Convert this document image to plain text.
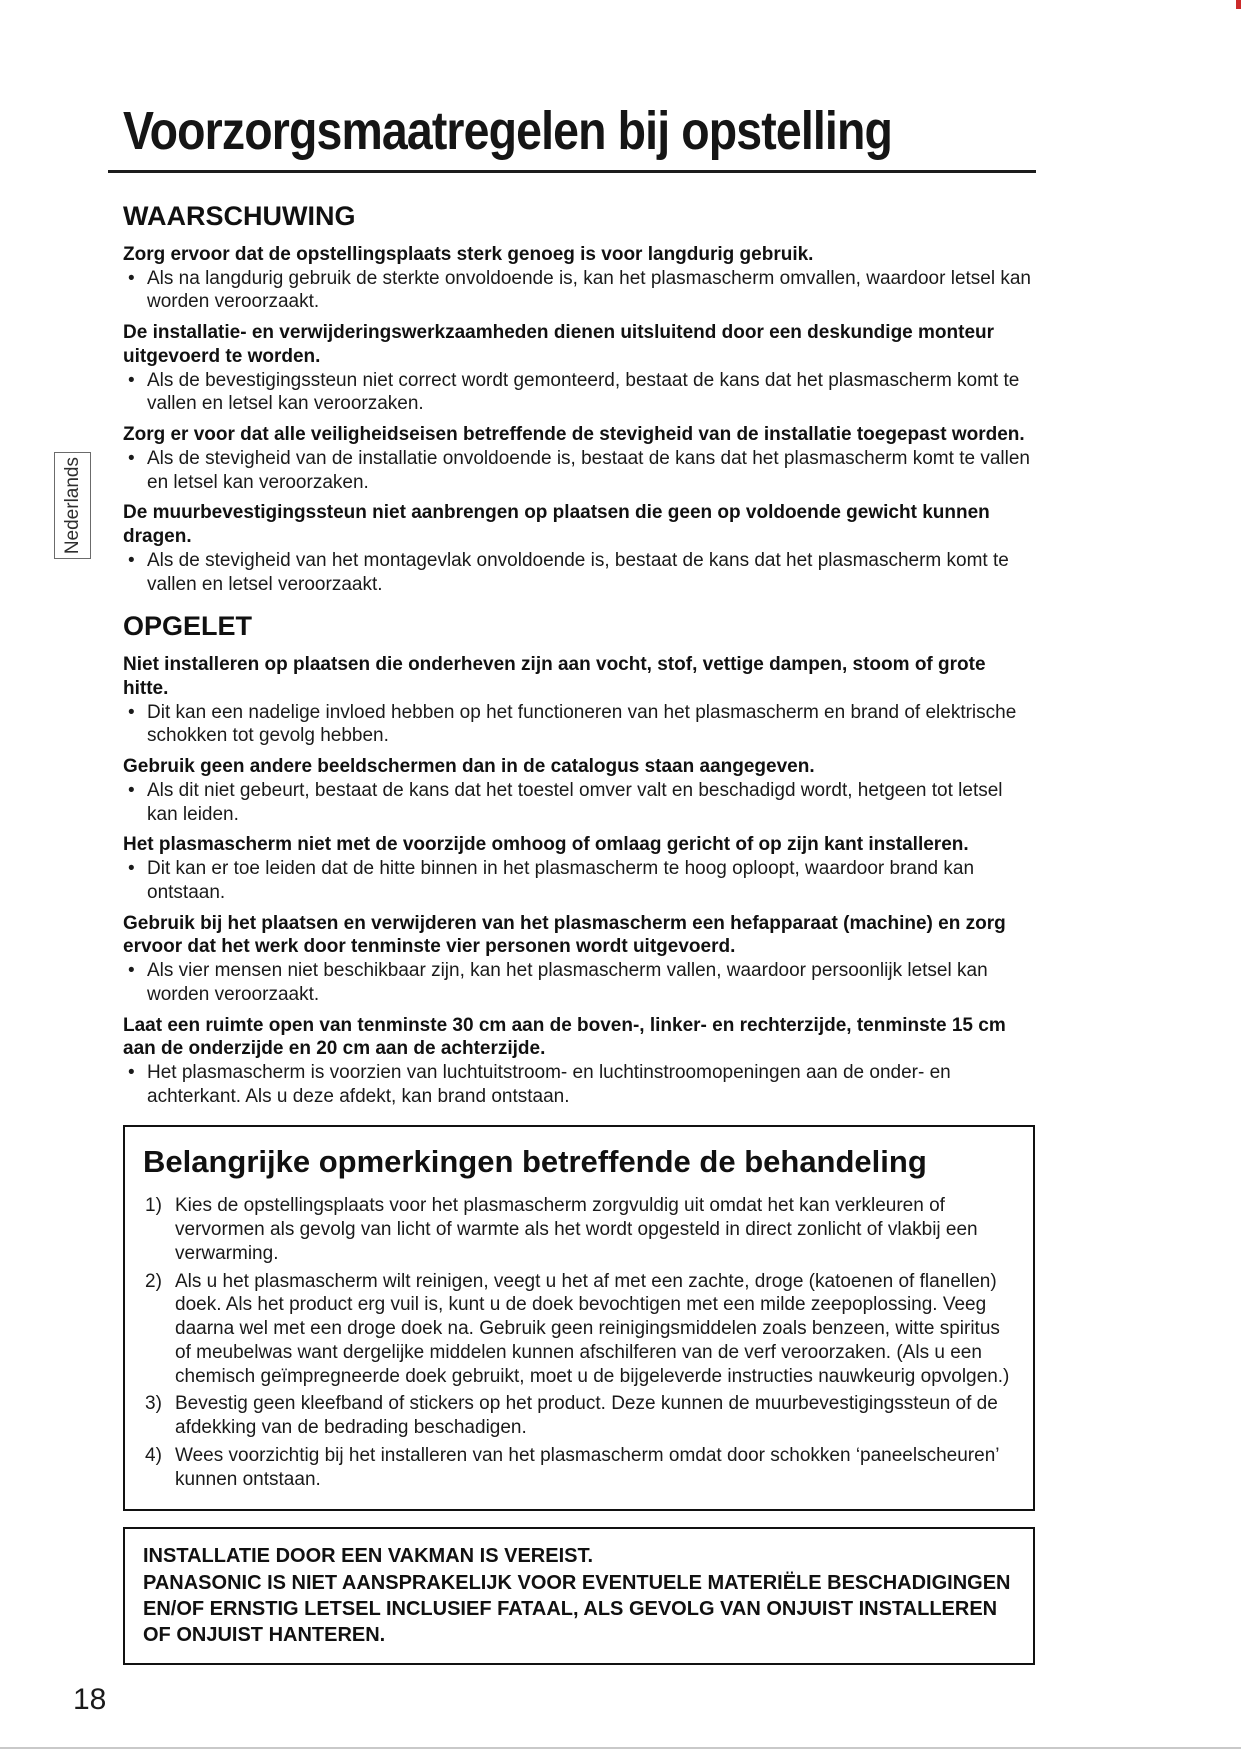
Voorzorgsmaatregelen bij opstelling
Nederlands
WAARSCHUWING

Zorg ervoor dat de opstellingsplaats sterk genoeg is voor langdurig gebruik.

• Als na langdurig gebruik de sterkte onvoldoende is, kan het plasmascherm omvallen, waardoor letsel kan worden veroorzaakt.

De installatie- en verwijderingswerkzaamheden dienen uitsluitend door een deskundige monteur uitgevoerd te worden.

• Als de bevestigingssteun niet correct wordt gemonteerd, bestaat de kans dat het plasmascherm komt te vallen en letsel kan veroorzaken.

Zorg er voor dat alle veiligheidseisen betreffende de stevigheid van de installatie toegepast worden.

• Als de stevigheid van de installatie onvoldoende is, bestaat de kans dat het plasmascherm komt te vallen en letsel kan veroorzaken.

De muurbevestigingssteun niet aanbrengen op plaatsen die geen op voldoende gewicht kunnen dragen.

• Als de stevigheid van het montagevlak onvoldoende is, bestaat de kans dat het plasmascherm komt te vallen en letsel veroorzaakt.

OPGELET

Niet installeren op plaatsen die onderheven zijn aan vocht, stof, vettige dampen, stoom of grote hitte.

• Dit kan een nadelige invloed hebben op het functioneren van het plasmascherm en brand of elektrische schokken tot gevolg hebben.

Gebruik geen andere beeldschermen dan in de catalogus staan aangegeven.

• Als dit niet gebeurt, bestaat de kans dat het toestel omver valt en beschadigd wordt, hetgeen tot letsel kan leiden.

Het plasmascherm niet met de voorzijde omhoog of omlaag gericht of op zijn kant installeren.

• Dit kan er toe leiden dat de hitte binnen in het plasmascherm te hoog oploopt, waardoor brand kan ontstaan.

Gebruik bij het plaatsen en verwijderen van het plasmascherm een hefapparaat (machine) en zorg ervoor dat het werk door tenminste vier personen wordt uitgevoerd.

• Als vier mensen niet beschikbaar zijn, kan het plasmascherm vallen, waardoor persoonlijk letsel kan worden veroorzaakt.

Laat een ruimte open van tenminste 30 cm aan de boven-, linker- en rechterzijde, tenminste 15 cm aan de onderzijde en 20 cm aan de achterzijde.

• Het plasmascherm is voorzien van luchtuitstroom- en luchtinstroomopeningen aan de onder- en achterkant. Als u deze afdekt, kan brand ontstaan.

Belangrijke opmerkingen betreffende de behandeling
1) Kies de opstellingsplaats voor het plasmascherm zorgvuldig uit omdat het kan verkleuren of vervormen als gevolg van licht of warmte als het wordt opgesteld in direct zonlicht of vlakbij een verwarming.
2) Als u het plasmascherm wilt reinigen, veegt u het af met een zachte, droge (katoenen of flanellen) doek. Als het product erg vuil is, kunt u de doek bevochtigen met een milde zeepoplossing. Veeg daarna wel met een droge doek na. Gebruik geen reinigingsmiddelen zoals benzeen, witte spiritus of meubelwas want dergelijke middelen kunnen afschilferen van de verf veroorzaken. (Als u een chemisch geïmpregneerde doek gebruikt, moet u de bijgeleverde instructies nauwkeurig opvolgen.)
3) Bevestig geen kleefband of stickers op het product. Deze kunnen de muurbevestigingssteun of de afdekking van de bedrading beschadigen.
4) Wees voorzichtig bij het installeren van het plasmascherm omdat door schokken ‘paneelscheuren’ kunnen ontstaan.

INSTALLATIE DOOR EEN VAKMAN IS VEREIST.

PANASONIC IS NIET AANSPRAKELIJK VOOR EVENTUELE MATERIËLE BESCHADIGINGEN EN/OF ERNSTIG LETSEL INCLUSIEF FATAAL, ALS GEVOLG VAN ONJUIST INSTALLEREN OF ONJUIST HANTEREN.

18
